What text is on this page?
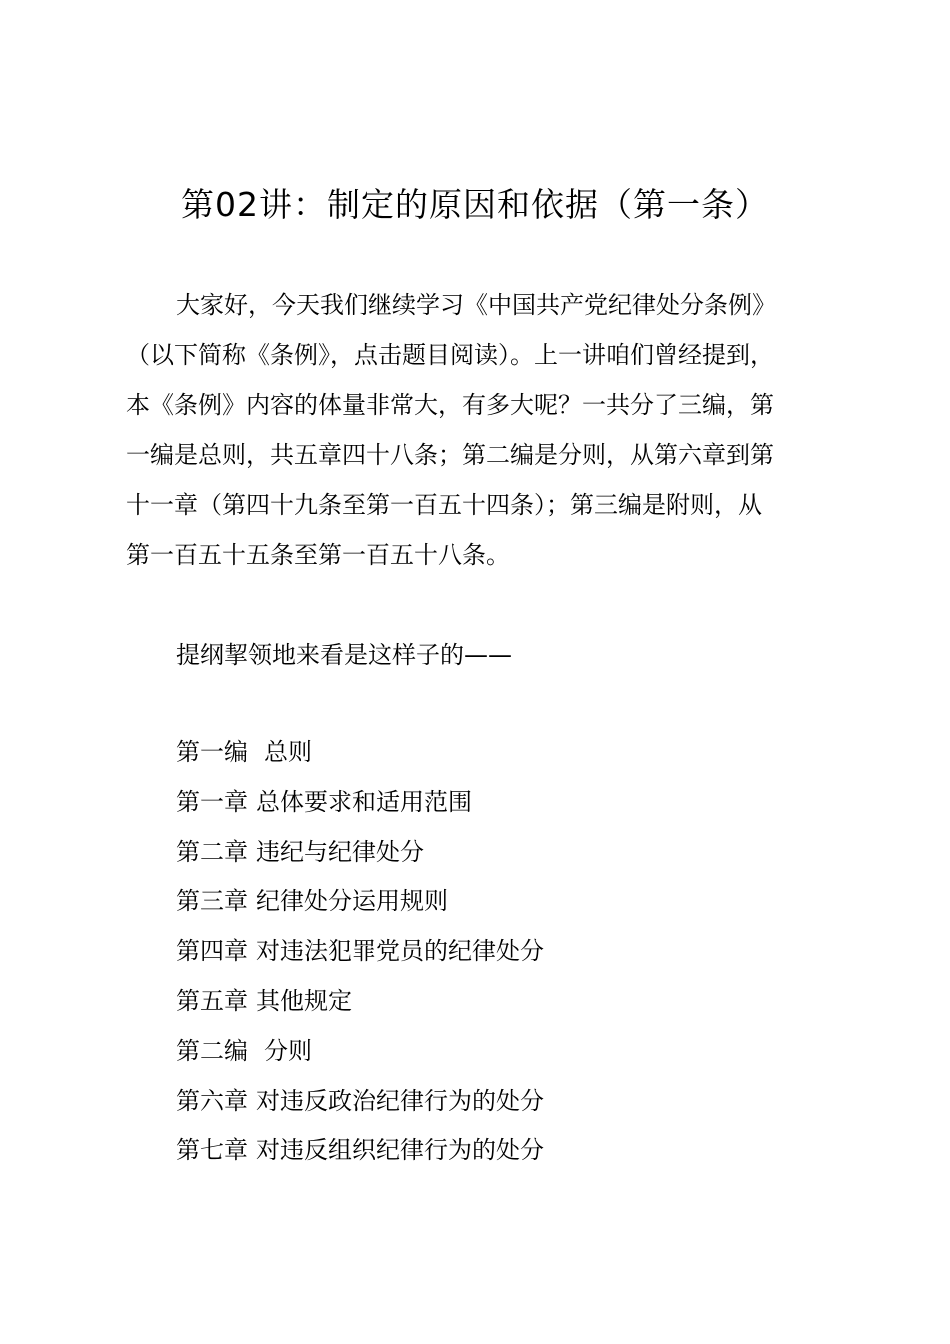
第02讲：制定的原因和依据（第一条）
大家好，今天我们继续学习《中国共产党纪律处分条例》
（以下简称《条例》，点击题目阅读）。上一讲咱们曾经提到，
本《条例》内容的体量非常大，有多大呢？一共分了三编，第
一编是总则，共五章四十八条；第二编是分则，从第六章到第
十一章（第四十九条至第一百五十四条）；第三编是附则，从
第一百五十五条至第一百五十八条。
提纲挈领地来看是这样子的——
第一编 总则
第一章 总体要求和适用范围
第二章 违纪与纪律处分
第三章 纪律处分运用规则
第四章 对违法犯罪党员的纪律处分
第五章 其他规定
第二编 分则
第六章 对违反政治纪律行为的处分
第七章 对违反组织纪律行为的处分
